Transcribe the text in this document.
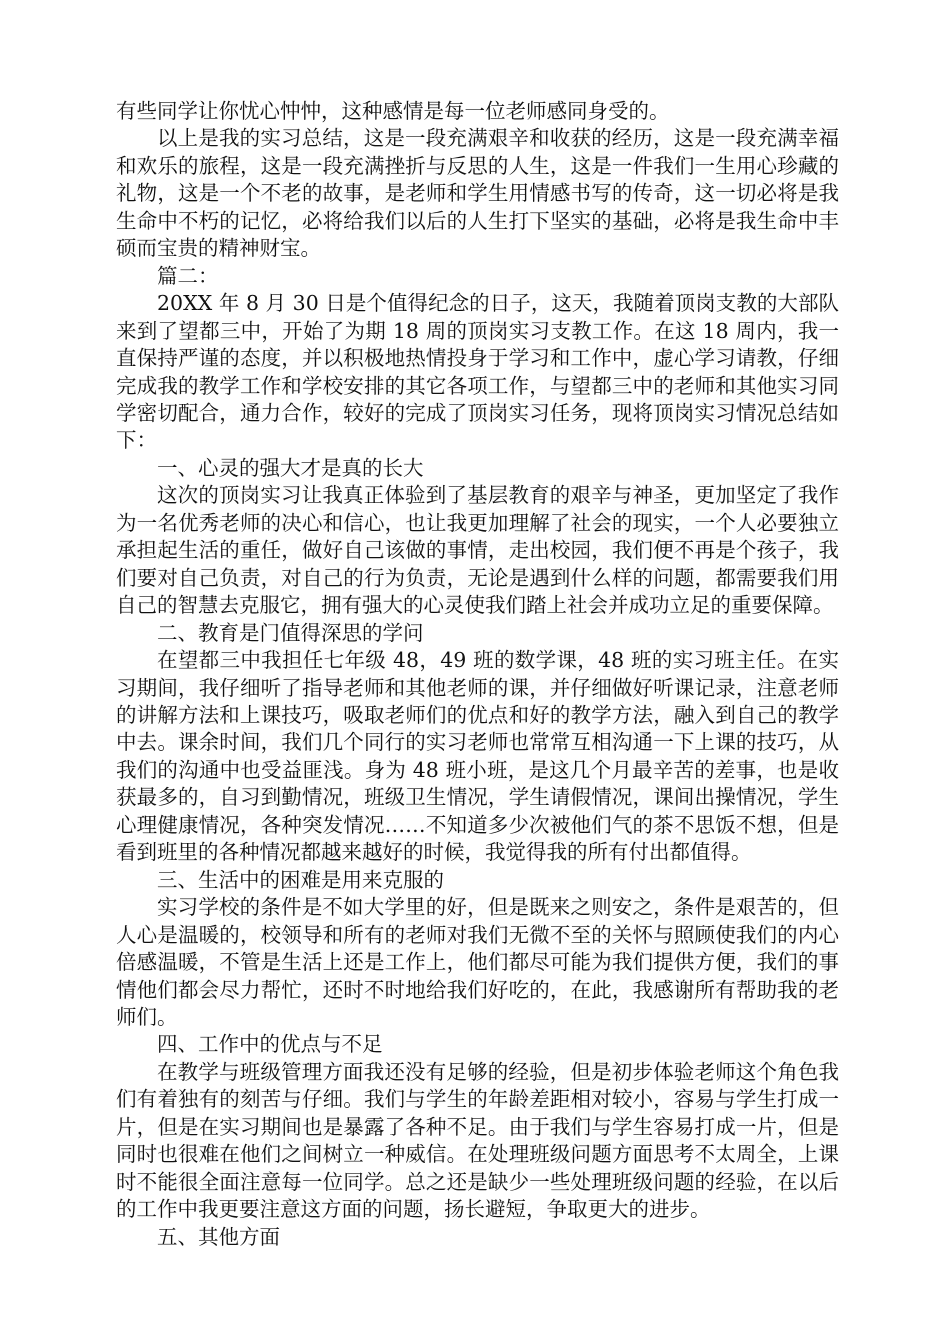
有些同学让你忧心忡忡，这种感情是每一位老师感同身受的。

以上是我的实习总结，这是一段充满艰辛和收获的经历，这是一段充满幸福和欢乐的旅程，这是一段充满挫折与反思的人生，这是一件我们一生用心珍藏的礼物，这是一个不老的故事，是老师和学生用情感书写的传奇，这一切必将是我生命中不朽的记忆，必将给我们以后的人生打下坚实的基础，必将是我生命中丰硕而宝贵的精神财宝。

篇二：

20XX 年 8 月 30 日是个值得纪念的日子，这天，我随着顶岗支教的大部队来到了望都三中，开始了为期 18 周的顶岗实习支教工作。在这 18 周内，我一直保持严谨的态度，并以积极地热情投身于学习和工作中，虚心学习请教，仔细完成我的教学工作和学校安排的其它各项工作，与望都三中的老师和其他实习同学密切配合，通力合作，较好的完成了顶岗实习任务，现将顶岗实习情况总结如下：

一、心灵的强大才是真的长大

这次的顶岗实习让我真正体验到了基层教育的艰辛与神圣，更加坚定了我作为一名优秀老师的决心和信心，也让我更加理解了社会的现实，一个人必要独立承担起生活的重任，做好自己该做的事情，走出校园，我们便不再是个孩子，我们要对自己负责，对自己的行为负责，无论是遇到什么样的问题，都需要我们用自己的智慧去克服它，拥有强大的心灵使我们踏上社会并成功立足的重要保障。

二、教育是门值得深思的学问

在望都三中我担任七年级 48，49 班的数学课，48 班的实习班主任。在实习期间，我仔细听了指导老师和其他老师的课，并仔细做好听课记录，注意老师的讲解方法和上课技巧，吸取老师们的优点和好的教学方法，融入到自己的教学中去。课余时间，我们几个同行的实习老师也常常互相沟通一下上课的技巧，从我们的沟通中也受益匪浅。身为 48 班小班，是这几个月最辛苦的差事，也是收获最多的，自习到勤情况，班级卫生情况，学生请假情况，课间出操情况，学生心理健康情况，各种突发情况……不知道多少次被他们气的茶不思饭不想，但是看到班里的各种情况都越来越好的时候，我觉得我的所有付出都值得。

三、生活中的困难是用来克服的

实习学校的条件是不如大学里的好，但是既来之则安之，条件是艰苦的，但人心是温暖的，校领导和所有的老师对我们无微不至的关怀与照顾使我们的内心倍感温暖，不管是生活上还是工作上，他们都尽可能为我们提供方便，我们的事情他们都会尽力帮忙，还时不时地给我们好吃的，在此，我感谢所有帮助我的老师们。

四、工作中的优点与不足

在教学与班级管理方面我还没有足够的经验，但是初步体验老师这个角色我们有着独有的刻苦与仔细。我们与学生的年龄差距相对较小，容易与学生打成一片，但是在实习期间也是暴露了各种不足。由于我们与学生容易打成一片，但是同时也很难在他们之间树立一种威信。在处理班级问题方面思考不太周全，上课时不能很全面注意每一位同学。总之还是缺少一些处理班级问题的经验，在以后的工作中我更要注意这方面的问题，扬长避短，争取更大的进步。

五、其他方面
